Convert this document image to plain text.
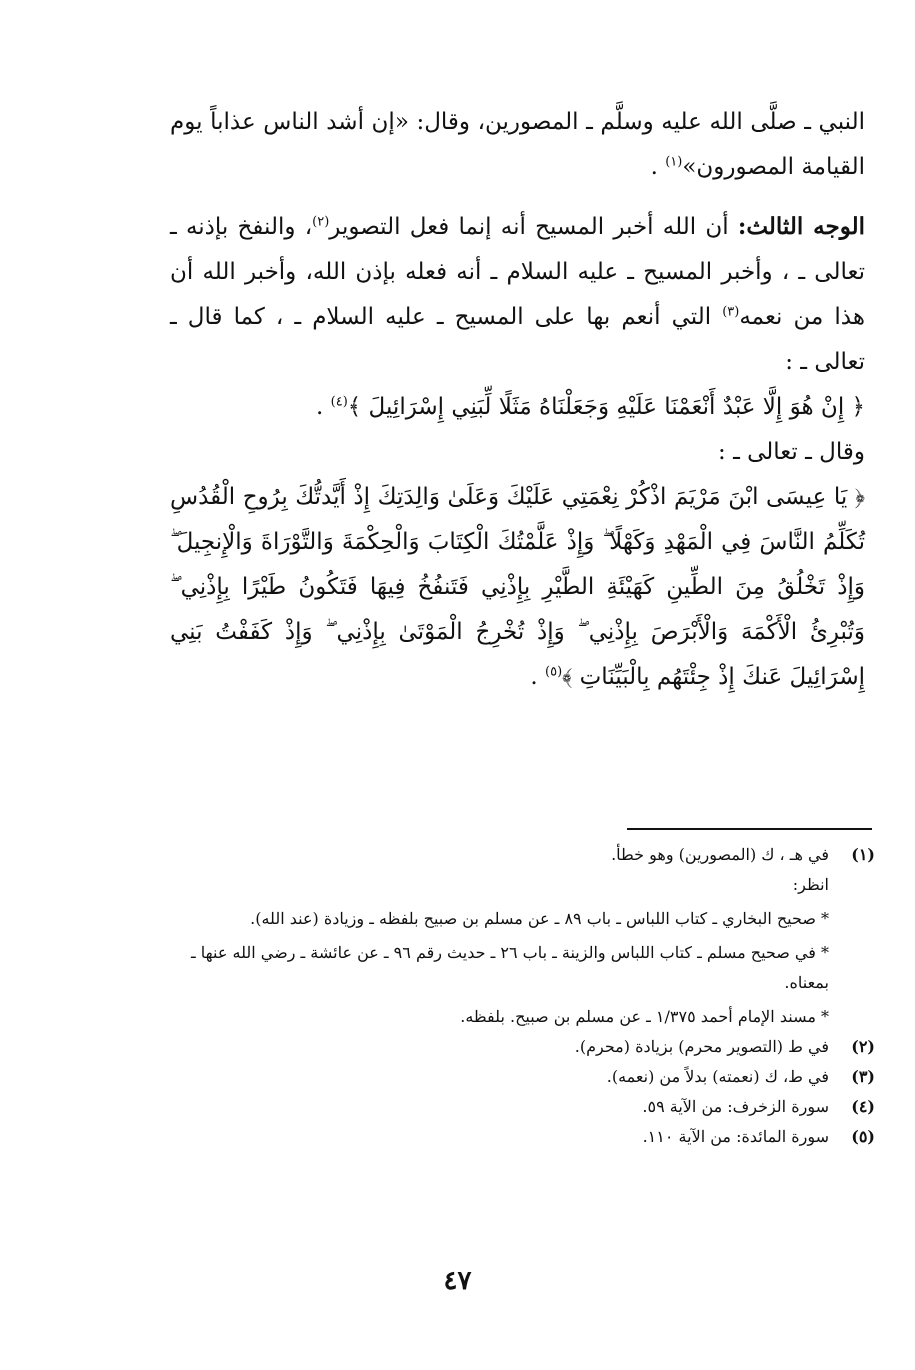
النبي ـ صلَّى الله عليه وسلَّم ـ المصورين، وقال: «إن أشد الناس عذاباً يوم القيامة المصورون»$^{(١)}$ .

الوجه الثالث: أن الله أخبر المسيح أنه إنما فعل التصوير$^{(٢)}$، والنفخ بإذنه ـ تعالى ـ ، وأخبر المسيح ـ عليه السلام ـ أنه فعله بإذن الله، وأخبر الله أن هذا من نعمه$^{(٣)}$ التي أنعم بها على المسيح ـ عليه السلام ـ ، كما قال ـ تعالى ـ :

﴿ إِنْ هُوَ إِلَّا عَبْدٌ أَنْعَمْنَا عَلَيْهِ وَجَعَلْنَاهُ مَثَلًا لِّبَنِي إِسْرَائِيلَ ﴾$^{(٤)}$ .

وقال ـ تعالى ـ :

﴿ يَا عِيسَى ابْنَ مَرْيَمَ اذْكُرْ نِعْمَتِي عَلَيْكَ وَعَلَىٰ وَالِدَتِكَ إِذْ أَيَّدتُّكَ بِرُوحِ الْقُدُسِ تُكَلِّمُ النَّاسَ فِي الْمَهْدِ وَكَهْلًا ۖ وَإِذْ عَلَّمْتُكَ الْكِتَابَ وَالْحِكْمَةَ وَالتَّوْرَاةَ وَالْإِنجِيلَ ۖ وَإِذْ تَخْلُقُ مِنَ الطِّينِ كَهَيْئَةِ الطَّيْرِ بِإِذْنِي فَتَنفُخُ فِيهَا فَتَكُونُ طَيْرًا بِإِذْنِي ۖ وَتُبْرِئُ الْأَكْمَهَ وَالْأَبْرَصَ بِإِذْنِي ۖ وَإِذْ تُخْرِجُ الْمَوْتَىٰ بِإِذْنِي ۖ وَإِذْ كَفَفْتُ بَنِي إِسْرَائِيلَ عَنكَ إِذْ جِئْتَهُم بِالْبَيِّنَاتِ ﴾$^{(٥)}$ .

(١)
في هـ ، ك (المصورين) وهو خطأ.
انظر:
* صحيح البخاري ـ كتاب اللباس ـ باب ٨٩ ـ عن مسلم بن صبيح بلفظه ـ وزيادة (عند الله).
* في صحيح مسلم ـ كتاب اللباس والزينة ـ باب ٢٦ ـ حديث رقم ٩٦ ـ عن عائشة ـ رضي الله عنها ـ بمعناه.
* مسند الإمام أحمد ١/٣٧٥ ـ عن مسلم بن صبيح. بلفظه.
(٢)
في ط (التصوير محرم) بزيادة (محرم).
(٣)
في ط، ك (نعمته) بدلاً من (نعمه).
(٤)
سورة الزخرف: من الآية ٥٩.
(٥)
سورة المائدة: من الآية ١١٠.
٤٧
